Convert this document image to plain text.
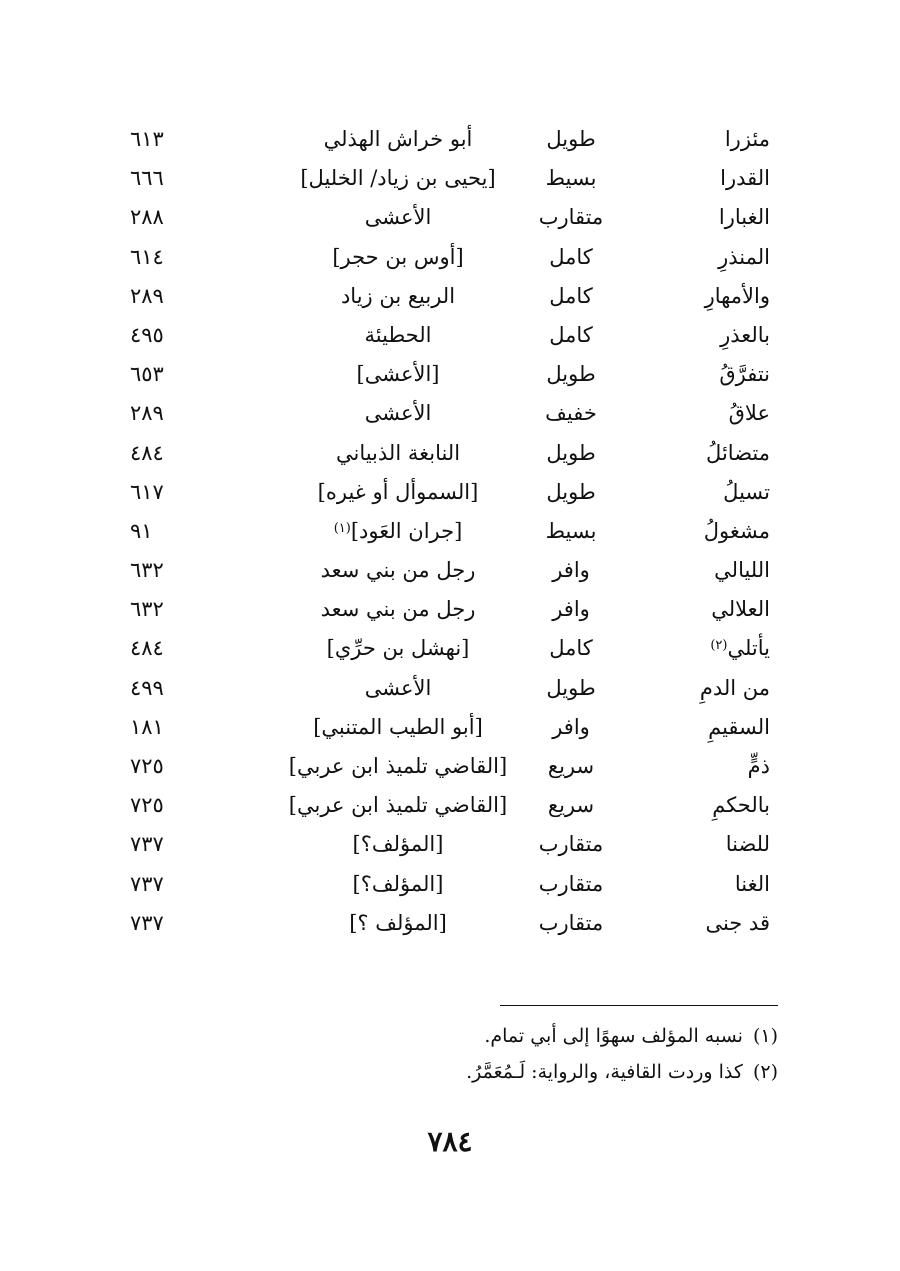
مئزرا
طويل
أبو خراش الهذلي
٦١٣
القدرا
بسيط
[يحيى بن زياد/ الخليل]
٦٦٦
الغبارا
متقارب
الأعشى
٢٨٨
المنذرِ
كامل
[أوس بن حجر]
٦١٤
والأمهارِ
كامل
الربيع بن زياد
٢٨٩
بالعذرِ
كامل
الحطيئة
٤٩٥
نتفرَّقُ
طويل
[الأعشى]
٦٥٣
علاقُ
خفيف
الأعشى
٢٨٩
متضائلُ
طويل
النابغة الذبياني
٤٨٤
تسيلُ
طويل
[السموأل أو غيره]
٦١٧
مشغولُ
بسيط
[جران العَود]$^{(١)}$
٩١
الليالي
وافر
رجل من بني سعد
٦٣٢
العلالي
وافر
رجل من بني سعد
٦٣٢
يأتلي$^{(٢)}$
كامل
[نهشل بن حرِّي]
٤٨٤
من الدمِ
طويل
الأعشى
٤٩٩
السقيمِ
وافر
[أبو الطيب المتنبي]
١٨١
ذمٍّ
سريع
[القاضي تلميذ ابن عربي]
٧٢٥
بالحكمِ
سريع
[القاضي تلميذ ابن عربي]
٧٢٥
للضنا
متقارب
[المؤلف؟]
٧٣٧
الغنا
متقارب
[المؤلف؟]
٧٣٧
قد جنى
متقارب
[المؤلف ؟]
٧٣٧
(١)نسبه المؤلف سهوًا إلى أبي تمام.
(٢)كذا وردت القافية، والرواية: لَـمُعَمَّرُ.
٧٨٤
